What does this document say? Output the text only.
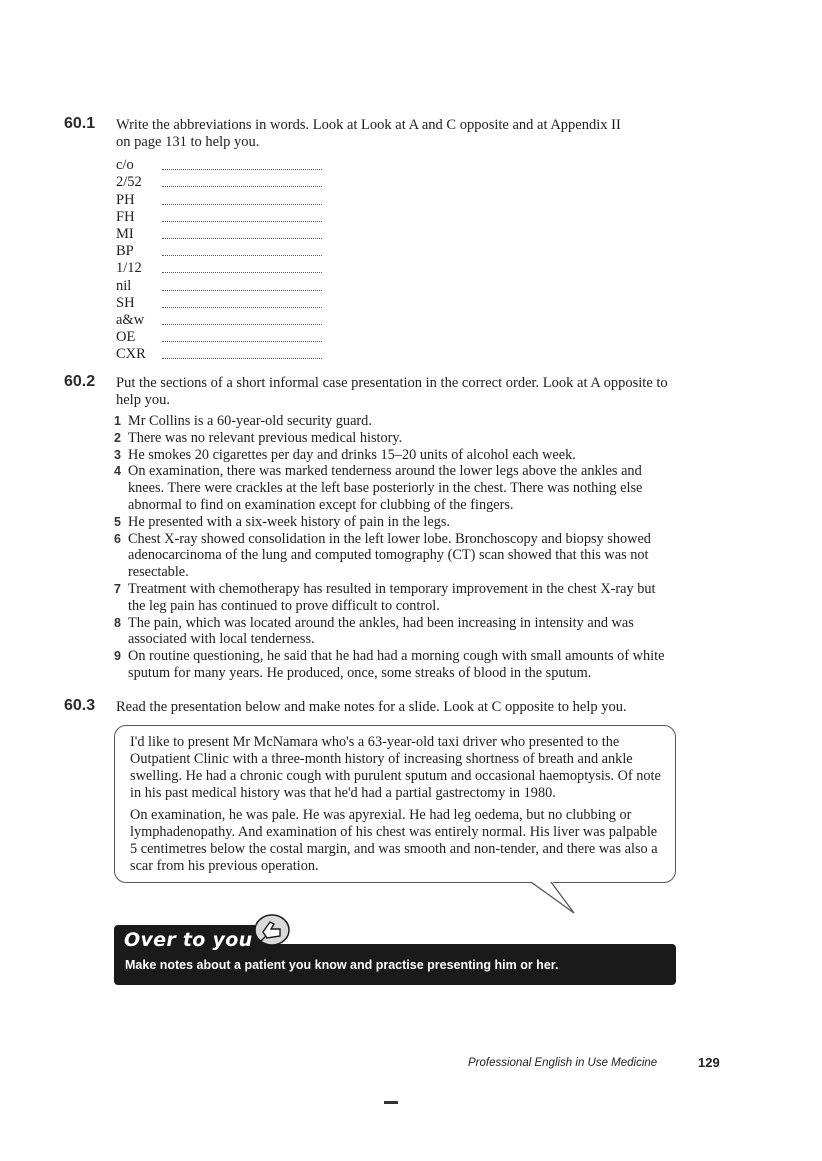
60.1 Write the abbreviations in words. Look at Look at A and C opposite and at Appendix II
on page 131 to help you.
c/o
2/52
PH
FH
MI
BP
1/12
nil
SH
a&w
OE
CXR
60.2 Put the sections of a short informal case presentation in the correct order. Look at A opposite to
help you.
1 Mr Collins is a 60-year-old security guard.
2 There was no relevant previous medical history.
3 He smokes 20 cigarettes per day and drinks 15–20 units of alcohol each week.
4 On examination, there was marked tenderness around the lower legs above the ankles and knees. There were crackles at the left base posteriorly in the chest. There was nothing else abnormal to find on examination except for clubbing of the fingers.
5 He presented with a six-week history of pain in the legs.
6 Chest X-ray showed consolidation in the left lower lobe. Bronchoscopy and biopsy showed adenocarcinoma of the lung and computed tomography (CT) scan showed that this was not resectable.
7 Treatment with chemotherapy has resulted in temporary improvement in the chest X-ray but the leg pain has continued to prove difficult to control.
8 The pain, which was located around the ankles, had been increasing in intensity and was associated with local tenderness.
9 On routine questioning, he said that he had had a morning cough with small amounts of white sputum for many years. He produced, once, some streaks of blood in the sputum.
60.3 Read the presentation below and make notes for a slide. Look at C opposite to help you.

I'd like to present Mr McNamara who's a 63-year-old taxi driver who presented to the Outpatient Clinic with a three-month history of increasing shortness of breath and ankle swelling. He had a chronic cough with purulent sputum and occasional haemoptysis. Of note in his past medical history was that he'd had a partial gastrectomy in 1980.

On examination, he was pale. He was apyrexial. He had leg oedema, but no clubbing or lymphadenopathy. And examination of his chest was entirely normal. His liver was palpable 5 centimetres below the costal margin, and was smooth and non-tender, and there was also a scar from his previous operation.

Over to you
Make notes about a patient you know and practise presenting him or her.
Professional English in Use Medicine	129
